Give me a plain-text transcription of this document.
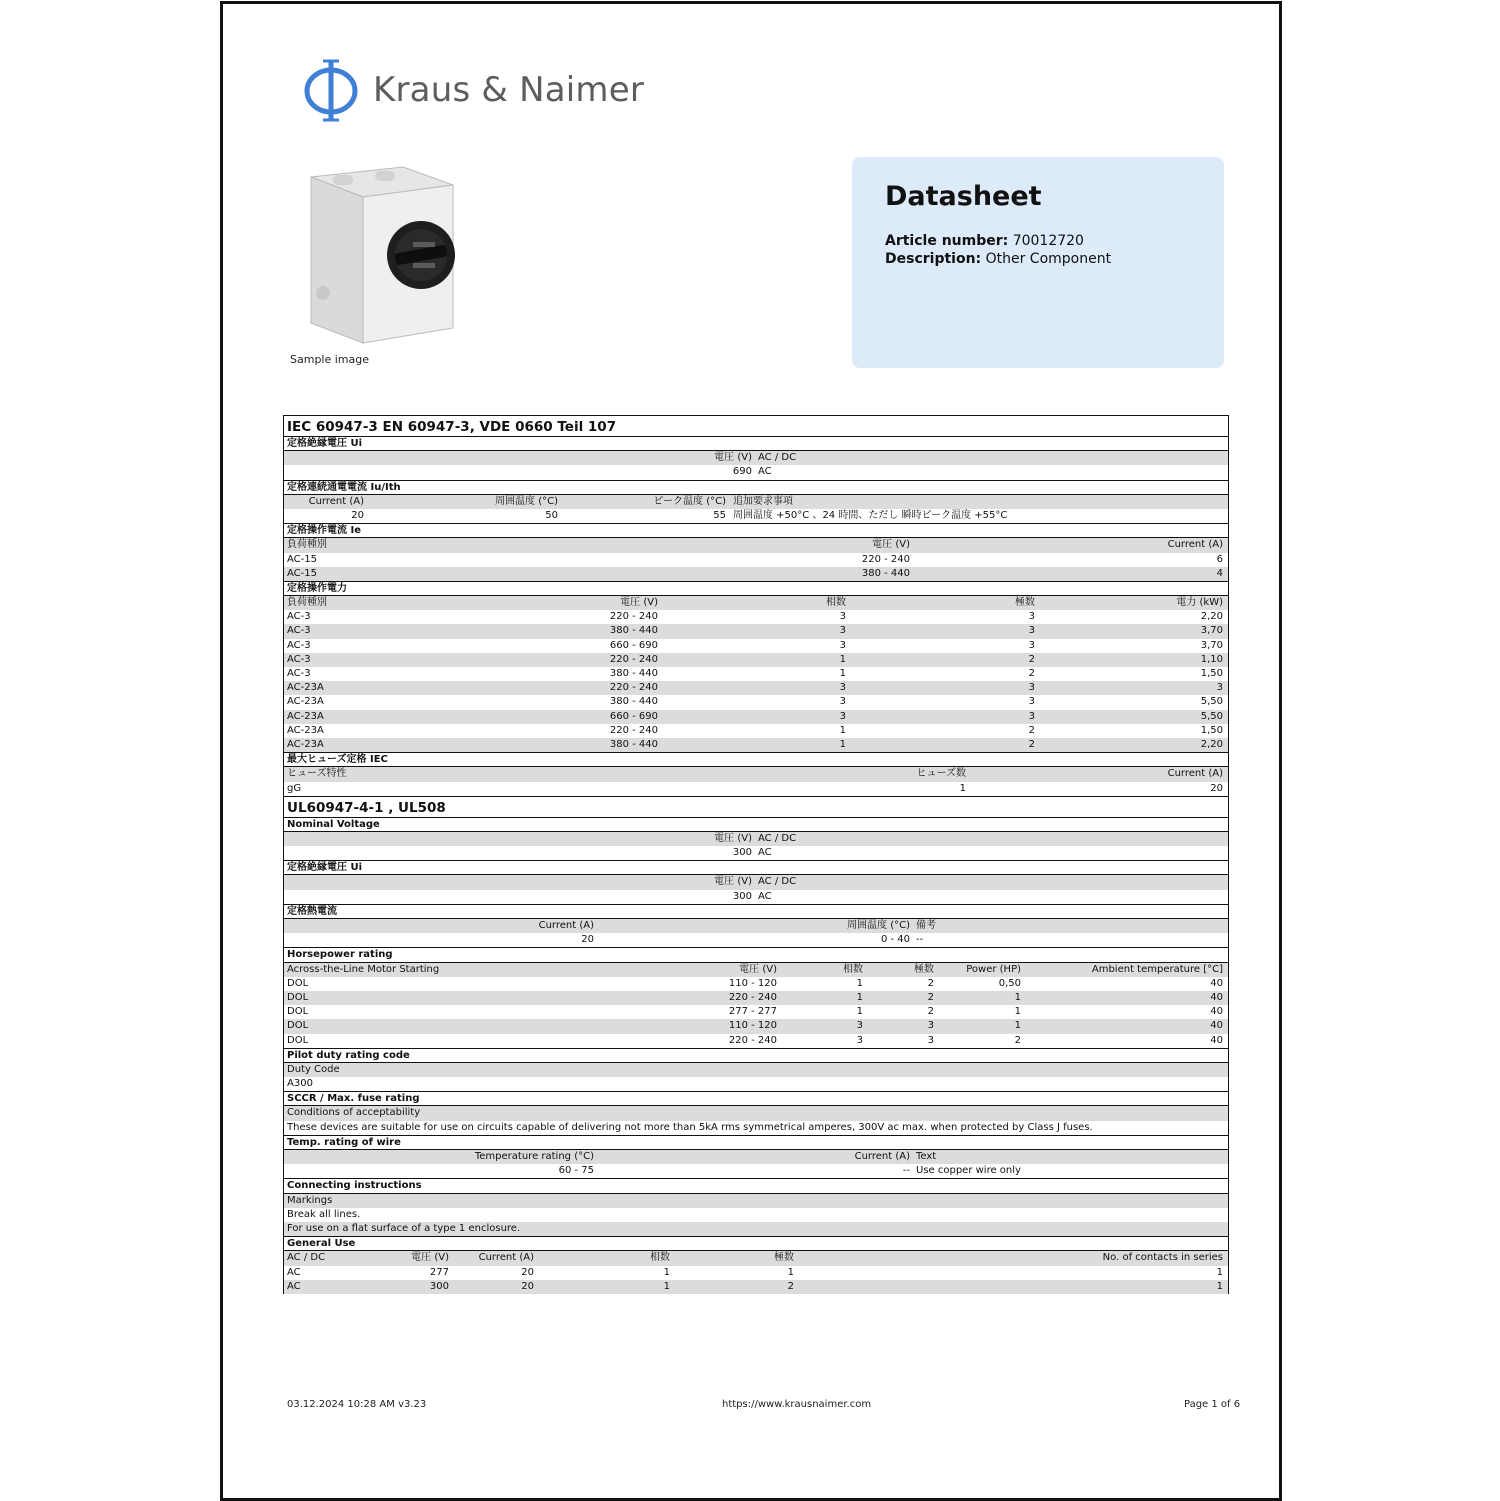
Kraus & Naimer
Sample image
Datasheet
Article number: 70012720
Description: Other Component
IEC 60947-3 EN 60947-3, VDE 0660 Teil 107
定格絶縁電圧 Ui
電圧 (V) AC / DC
690 AC
定格連続通電電流 Iu/Ith
Current (A)	周囲温度 (°C)	ピーク温度 (°C) 追加要求事項
20	50	55 周囲温度 +50°C 、24 時間、ただし 瞬時ピーク温度 +55°C
定格操作電流 Ie
負荷種別	電圧 (V)	Current (A)
AC-15	220 - 240	6
AC-15	380 - 440	4
定格操作電力
負荷種別	電圧 (V)	相数	極数	電力 (kW)
AC-3	220 - 240	3	3	2,20
AC-3	380 - 440	3	3	3,70
AC-3	660 - 690	3	3	3,70
AC-3	220 - 240	1	2	1,10
AC-3	380 - 440	1	2	1,50
AC-23A	220 - 240	3	3	3
AC-23A	380 - 440	3	3	5,50
AC-23A	660 - 690	3	3	5,50
AC-23A	220 - 240	1	2	1,50
AC-23A	380 - 440	1	2	2,20
最大ヒューズ定格 IEC
ヒューズ特性	ヒューズ数	Current (A)
gG	1	20
UL60947-4-1 , UL508
Nominal Voltage
電圧 (V) AC / DC
300 AC
定格絶縁電圧 Ui
電圧 (V) AC / DC
300 AC
定格熱電流
Current (A)	周囲温度 (°C) 備考
20	0 - 40 --
Horsepower rating
Across-the-Line Motor Starting	電圧 (V)	相数	極数	Power (HP)	Ambient temperature [°C]
DOL	110 - 120	1	2	0,50	40
DOL	220 - 240	1	2	1	40
DOL	277 - 277	1	2	1	40
DOL	110 - 120	3	3	1	40
DOL	220 - 240	3	3	2	40
Pilot duty rating code
Duty Code
A300
SCCR / Max. fuse rating
Conditions of acceptability
These devices are suitable for use on circuits capable of delivering not more than 5kA rms symmetrical amperes, 300V ac max. when protected by Class J fuses.
Temp. rating of wire
Temperature rating (°C)	Current (A) Text
60 - 75	-- Use copper wire only
Connecting instructions
Markings
Break all lines.
For use on a flat surface of a type 1 enclosure.
General Use
AC / DC	電圧 (V)	Current (A)	相数	極数	No. of contacts in series
AC	277	20	1	1	1
AC	300	20	1	2	1
03.12.2024 10:28 AM v3.23	https://www.krausnaimer.com	Page 1 of 6
